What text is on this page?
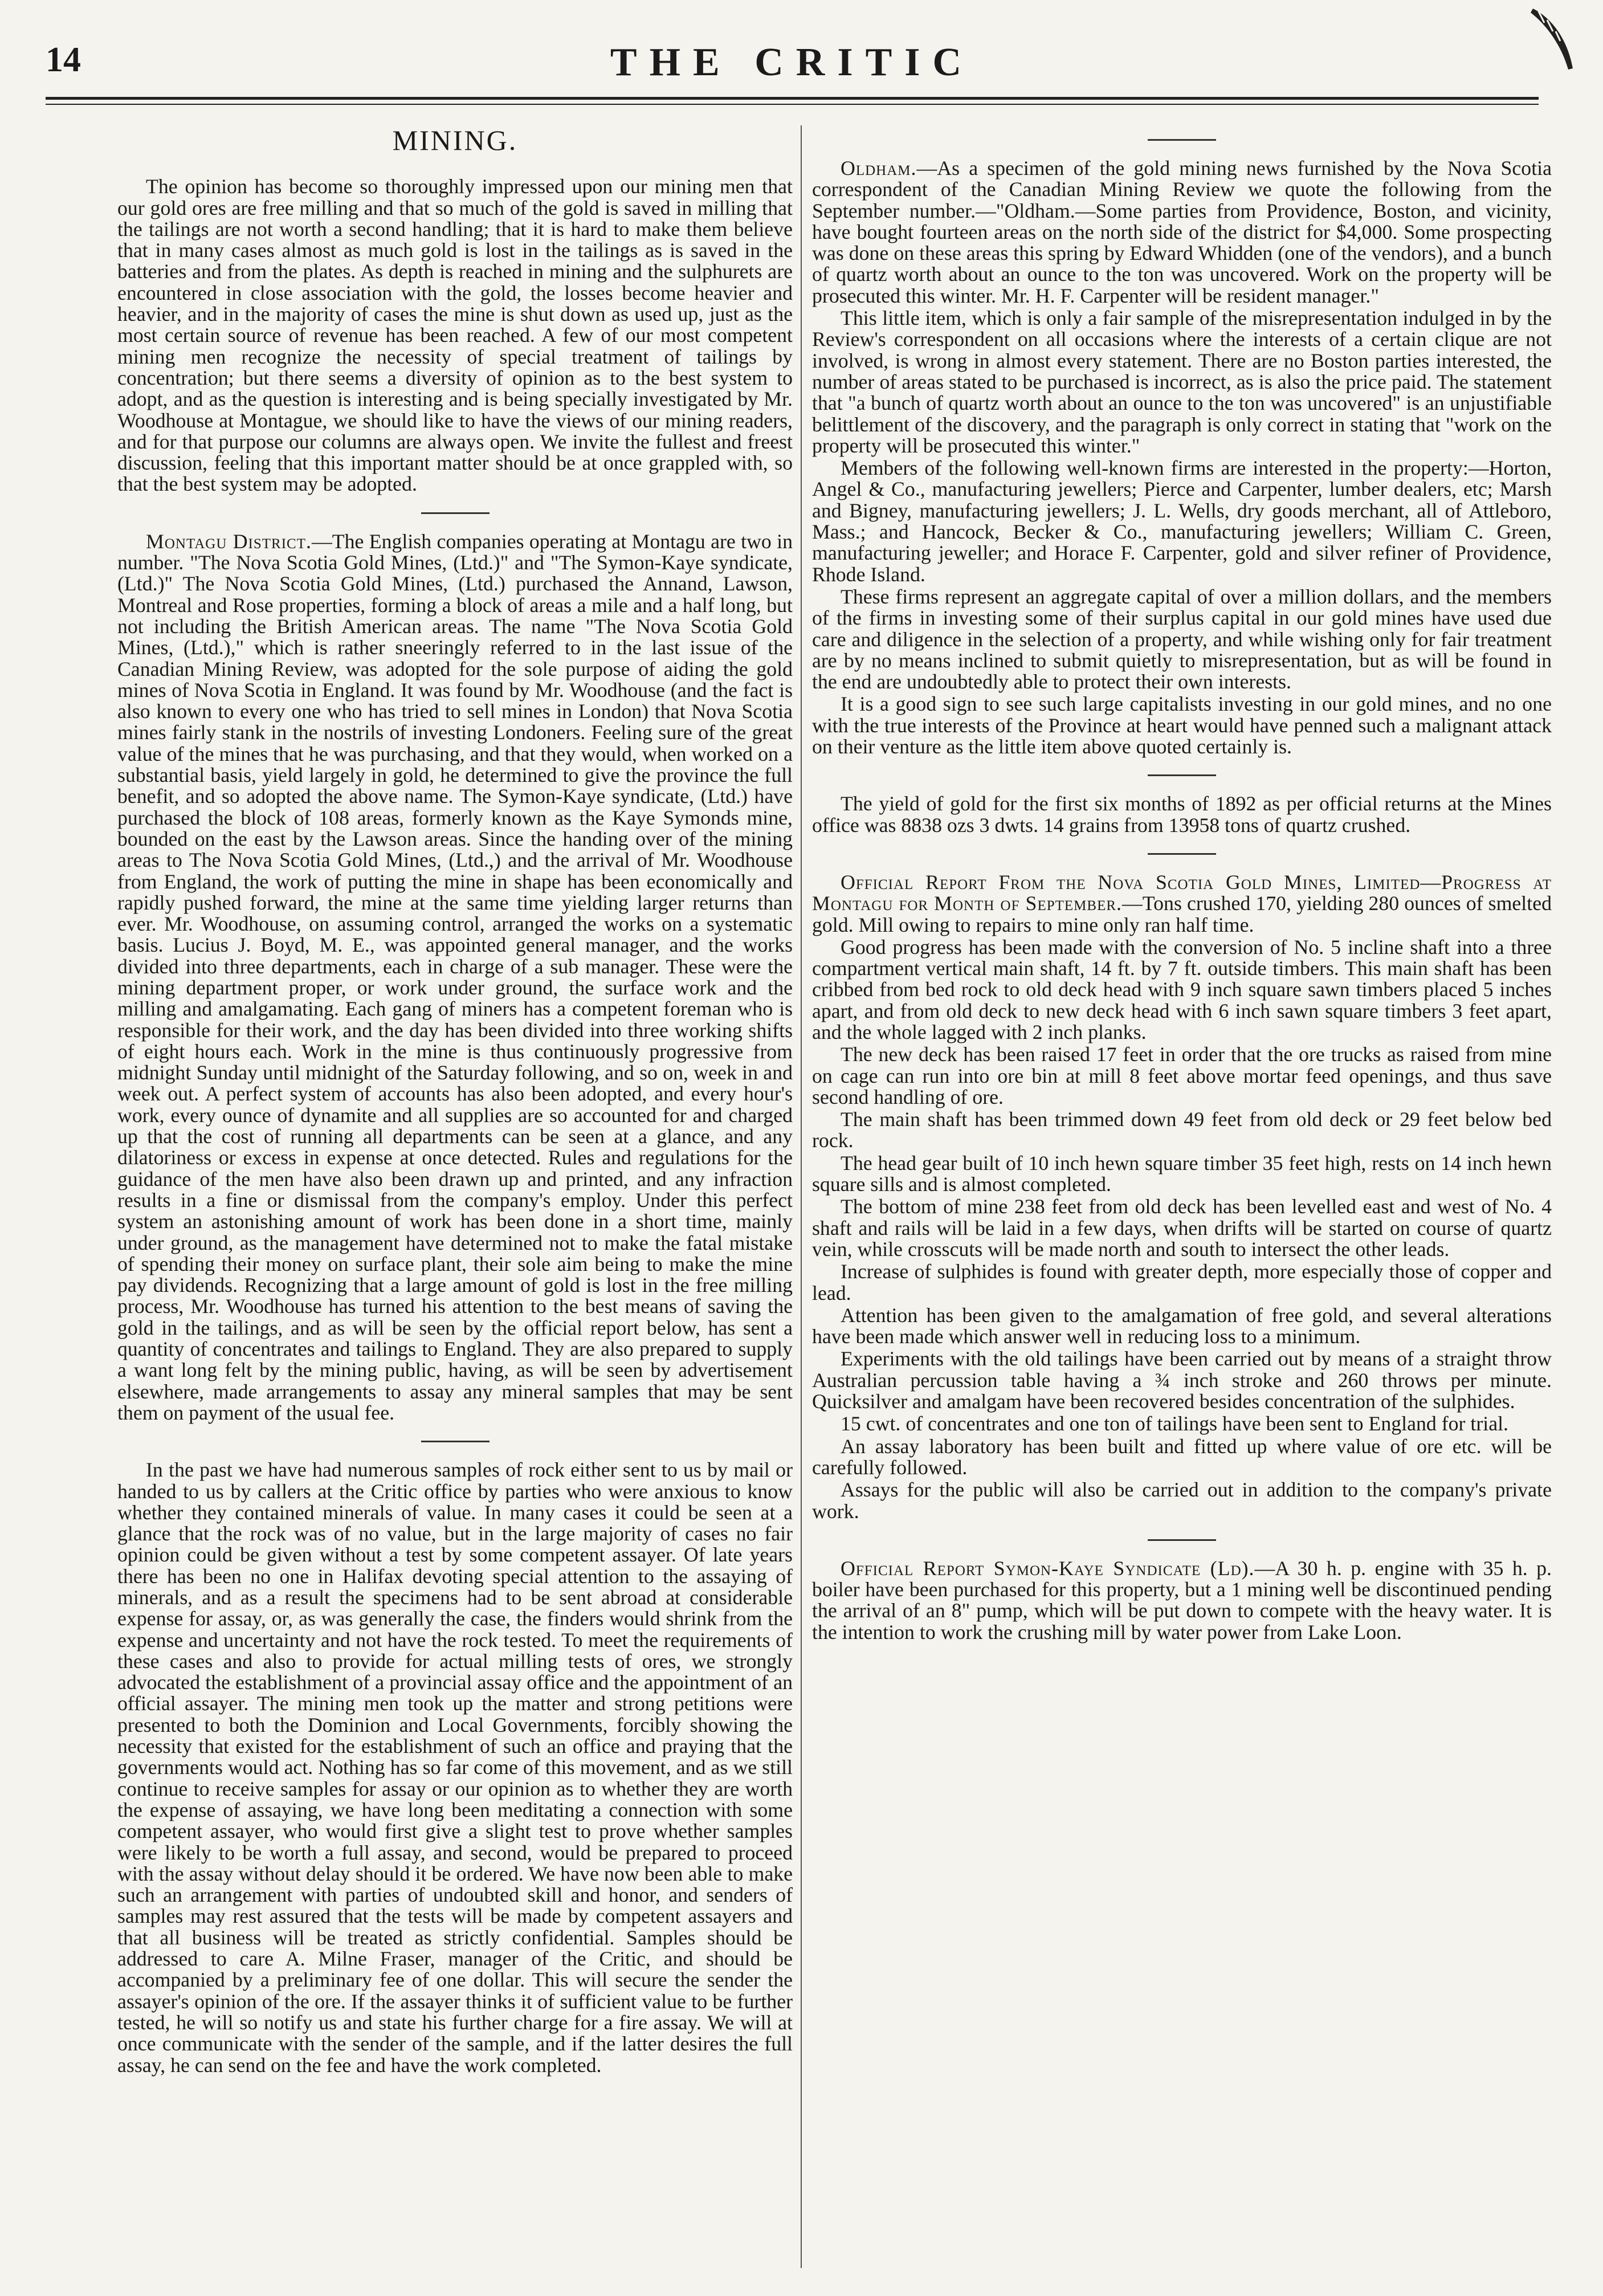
14	THE CRITIC
MINING.

The opinion has become so thoroughly impressed upon our mining men that our gold ores are free milling and that so much of the gold is saved in milling that the tailings are not worth a second handling; that it is hard to make them believe that in many cases almost as much gold is lost in the tailings as is saved in the batteries and from the plates. As depth is reached in mining and the sulphurets are encountered in close association with the gold, the losses become heavier and heavier, and in the majority of cases the mine is shut down as used up, just as the most certain source of revenue has been reached. A few of our most competent mining men recognize the necessity of special treatment of tailings by concentration; but there seems a diversity of opinion as to the best system to adopt, and as the question is interesting and is being specially investigated by Mr. Woodhouse at Montague, we should like to have the views of our mining readers, and for that purpose our columns are always open. We invite the fullest and freest discussion, feeling that this important matter should be at once grappled with, so that the best system may be adopted.

Montagu District.—The English companies operating at Montagu are two in number. "The Nova Scotia Gold Mines, (Ltd.)" and "The Symon-Kaye syndicate, (Ltd.)" The Nova Scotia Gold Mines, (Ltd.) purchased the Annand, Lawson, Montreal and Rose properties, forming a block of areas a mile and a half long, but not including the British American areas. The name "The Nova Scotia Gold Mines, (Ltd.)," which is rather sneeringly referred to in the last issue of the Canadian Mining Review, was adopted for the sole purpose of aiding the gold mines of Nova Scotia in England. It was found by Mr. Woodhouse (and the fact is also known to every one who has tried to sell mines in London) that Nova Scotia mines fairly stank in the nostrils of investing Londoners. Feeling sure of the great value of the mines that he was purchasing, and that they would, when worked on a substantial basis, yield largely in gold, he determined to give the province the full benefit, and so adopted the above name. The Symon-Kaye syndicate, (Ltd.) have purchased the block of 108 areas, formerly known as the Kaye Symonds mine, bounded on the east by the Lawson areas. Since the handing over of the mining areas to The Nova Scotia Gold Mines, (Ltd.,) and the arrival of Mr. Woodhouse from England, the work of putting the mine in shape has been economically and rapidly pushed forward, the mine at the same time yielding larger returns than ever. Mr. Woodhouse, on assuming control, arranged the works on a systematic basis. Lucius J. Boyd, M. E., was appointed general manager, and the works divided into three departments, each in charge of a sub manager. These were the mining department proper, or work under ground, the surface work and the milling and amalgamating. Each gang of miners has a competent foreman who is responsible for their work, and the day has been divided into three working shifts of eight hours each. Work in the mine is thus continuously progressive from midnight Sunday until midnight of the Saturday following, and so on, week in and week out. A perfect system of accounts has also been adopted, and every hour's work, every ounce of dynamite and all supplies are so accounted for and charged up that the cost of running all departments can be seen at a glance, and any dilatoriness or excess in expense at once detected. Rules and regulations for the guidance of the men have also been drawn up and printed, and any infraction results in a fine or dismissal from the company's employ. Under this perfect system an astonishing amount of work has been done in a short time, mainly under ground, as the management have determined not to make the fatal mistake of spending their money on surface plant, their sole aim being to make the mine pay dividends. Recognizing that a large amount of gold is lost in the free milling process, Mr. Woodhouse has turned his attention to the best means of saving the gold in the tailings, and as will be seen by the official report below, has sent a quantity of concentrates and tailings to England. They are also prepared to supply a want long felt by the mining public, having, as will be seen by advertisement elsewhere, made arrangements to assay any mineral samples that may be sent them on payment of the usual fee.

In the past we have had numerous samples of rock either sent to us by mail or handed to us by callers at the Critic office by parties who were anxious to know whether they contained minerals of value. In many cases it could be seen at a glance that the rock was of no value, but in the large majority of cases no fair opinion could be given without a test by some competent assayer. Of late years there has been no one in Halifax devoting special attention to the assaying of minerals, and as a result the specimens had to be sent abroad at considerable expense for assay, or, as was generally the case, the finders would shrink from the expense and uncertainty and not have the rock tested. To meet the requirements of these cases and also to provide for actual milling tests of ores, we strongly advocated the establishment of a provincial assay office and the appointment of an official assayer. The mining men took up the matter and strong petitions were presented to both the Dominion and Local Governments, forcibly showing the necessity that existed for the establishment of such an office and praying that the governments would act. Nothing has so far come of this movement, and as we still continue to receive samples for assay or our opinion as to whether they are worth the expense of assaying, we have long been meditating a connection with some competent assayer, who would first give a slight test to prove whether samples were likely to be worth a full assay, and second, would be prepared to proceed with the assay without delay should it be ordered. We have now been able to make such an arrangement with parties of undoubted skill and honor, and senders of samples may rest assured that the tests will be made by competent assayers and that all business will be treated as strictly confidential. Samples should be addressed to care A. Milne Fraser, manager of the Critic, and should be accompanied by a preliminary fee of one dollar. This will secure the sender the assayer's opinion of the ore. If the assayer thinks it of sufficient value to be further tested, he will so notify us and state his further charge for a fire assay. We will at once communicate with the sender of the sample, and if the latter desires the full assay, he can send on the fee and have the work completed.

Oldham.—As a specimen of the gold mining news furnished by the Nova Scotia correspondent of the Canadian Mining Review we quote the following from the September number.—"Oldham.—Some parties from Providence, Boston, and vicinity, have bought fourteen areas on the north side of the district for $4,000. Some prospecting was done on these areas this spring by Edward Whidden (one of the vendors), and a bunch of quartz worth about an ounce to the ton was uncovered. Work on the property will be prosecuted this winter. Mr. H. F. Carpenter will be resident manager."

This little item, which is only a fair sample of the misrepresentation indulged in by the Review's correspondent on all occasions where the interests of a certain clique are not involved, is wrong in almost every statement. There are no Boston parties interested, the number of areas stated to be purchased is incorrect, as is also the price paid. The statement that "a bunch of quartz worth about an ounce to the ton was uncovered" is an unjustifiable belittlement of the discovery, and the paragraph is only correct in stating that "work on the property will be prosecuted this winter."

Members of the following well-known firms are interested in the property:—Horton, Angel & Co., manufacturing jewellers; Pierce and Carpenter, lumber dealers, etc; Marsh and Bigney, manufacturing jewellers; J. L. Wells, dry goods merchant, all of Attleboro, Mass.; and Hancock, Becker & Co., manufacturing jewellers; William C. Green, manufacturing jeweller; and Horace F. Carpenter, gold and silver refiner of Providence, Rhode Island.

These firms represent an aggregate capital of over a million dollars, and the members of the firms in investing some of their surplus capital in our gold mines have used due care and diligence in the selection of a property, and while wishing only for fair treatment are by no means inclined to submit quietly to misrepresentation, but as will be found in the end are undoubtedly able to protect their own interests.

It is a good sign to see such large capitalists investing in our gold mines, and no one with the true interests of the Province at heart would have penned such a malignant attack on their venture as the little item above quoted certainly is.

The yield of gold for the first six months of 1892 as per official returns at the Mines office was 8838 ozs 3 dwts. 14 grains from 13958 tons of quartz crushed.

Official Report From the Nova Scotia Gold Mines, Limited—Progress at Montagu for Month of September.—Tons crushed 170, yielding 280 ounces of smelted gold. Mill owing to repairs to mine only ran half time.

Good progress has been made with the conversion of No. 5 incline shaft into a three compartment vertical main shaft, 14 ft. by 7 ft. outside timbers. This main shaft has been cribbed from bed rock to old deck head with 9 inch square sawn timbers placed 5 inches apart, and from old deck to new deck head with 6 inch sawn square timbers 3 feet apart, and the whole lagged with 2 inch planks.

The new deck has been raised 17 feet in order that the ore trucks as raised from mine on cage can run into ore bin at mill 8 feet above mortar feed openings, and thus save second handling of ore.

The main shaft has been trimmed down 49 feet from old deck or 29 feet below bed rock.

The head gear built of 10 inch hewn square timber 35 feet high, rests on 14 inch hewn square sills and is almost completed.

The bottom of mine 238 feet from old deck has been levelled east and west of No. 4 shaft and rails will be laid in a few days, when drifts will be started on course of quartz vein, while crosscuts will be made north and south to intersect the other leads.

Increase of sulphides is found with greater depth, more especially those of copper and lead.

Attention has been given to the amalgamation of free gold, and several alterations have been made which answer well in reducing loss to a minimum.

Experiments with the old tailings have been carried out by means of a straight throw Australian percussion table having a ¾ inch stroke and 260 throws per minute. Quicksilver and amalgam have been recovered besides concentration of the sulphides.

15 cwt. of concentrates and one ton of tailings have been sent to England for trial.

An assay laboratory has been built and fitted up where value of ore etc. will be carefully followed.

Assays for the public will also be carried out in addition to the company's private work.

Official Report Symon-Kaye Syndicate (Ld).—A 30 h. p. engine with 35 h. p. boiler have been purchased for this property, but a 1 mining well be discontinued pending the arrival of an 8" pump, which will be put down to compete with the heavy water. It is the intention to work the crushing mill by water power from Lake Loon.
